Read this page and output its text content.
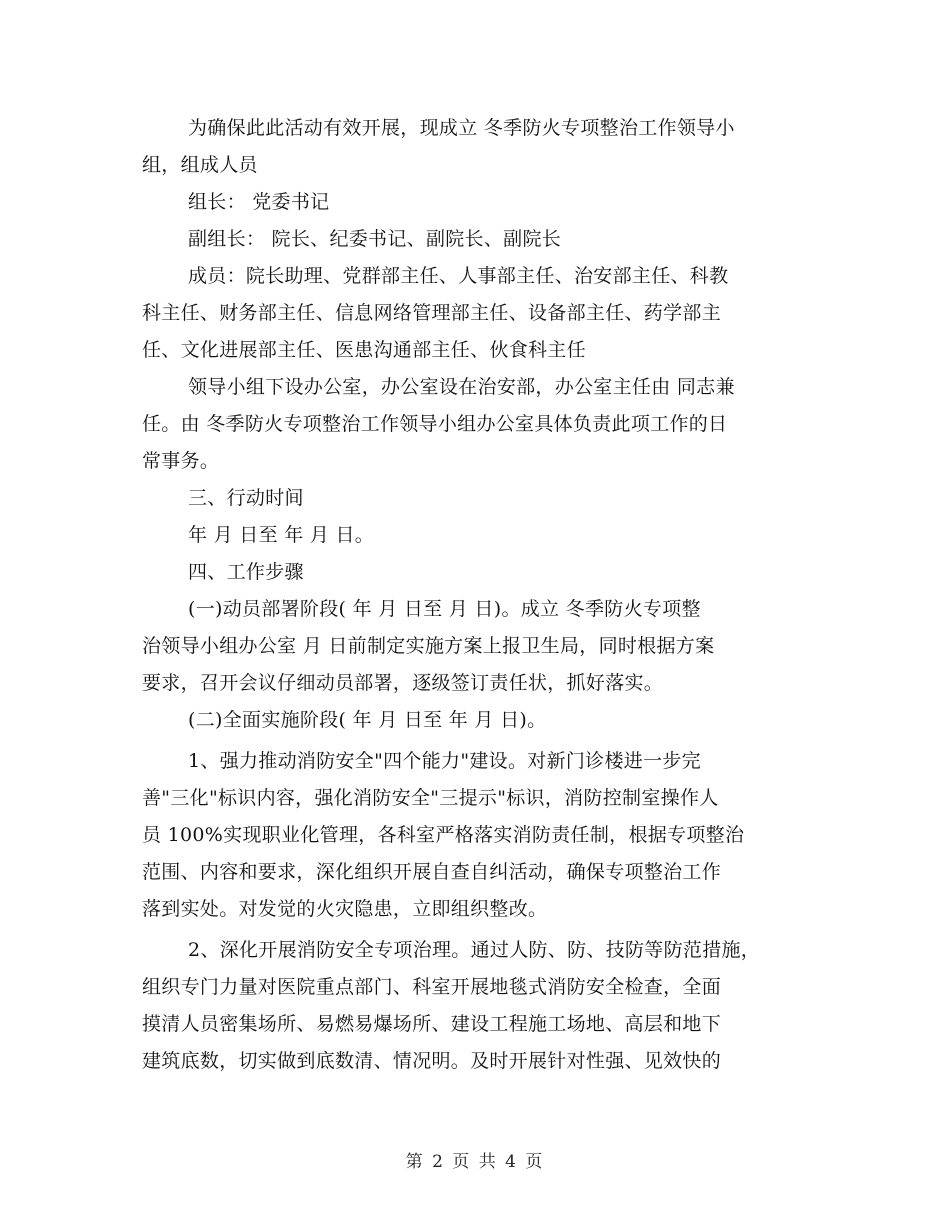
为确保此此活动有效开展，现成立 冬季防火专项整治工作领导小
组，组成人员
组长： 党委书记
副组长： 院长、纪委书记、副院长、副院长
成员：院长助理、党群部主任、人事部主任、治安部主任、科教
科主任、财务部主任、信息网络管理部主任、设备部主任、药学部主
任、文化进展部主任、医患沟通部主任、伙食科主任
领导小组下设办公室，办公室设在治安部，办公室主任由 同志兼
任。由 冬季防火专项整治工作领导小组办公室具体负责此项工作的日
常事务。
三、行动时间
年 月 日至 年 月 日。
四、工作步骤
(一)动员部署阶段( 年 月 日至 月 日)。成立 冬季防火专项整
治领导小组办公室 月 日前制定实施方案上报卫生局，同时根据方案
要求，召开会议仔细动员部署，逐级签订责任状，抓好落实。
(二)全面实施阶段( 年 月 日至 年 月 日)。
1、强力推动消防安全"四个能力"建设。对新门诊楼进一步完
善"三化"标识内容，强化消防安全"三提示"标识，消防控制室操作人
员 100%实现职业化管理，各科室严格落实消防责任制，根据专项整治
范围、内容和要求，深化组织开展自查自纠活动，确保专项整治工作
落到实处。对发觉的火灾隐患，立即组织整改。
2、深化开展消防安全专项治理。通过人防、防、技防等防范措施，
组织专门力量对医院重点部门、科室开展地毯式消防安全检查，全面
摸清人员密集场所、易燃易爆场所、建设工程施工场地、高层和地下
建筑底数，切实做到底数清、情况明。及时开展针对性强、见效快的
第 2 页 共 4 页
